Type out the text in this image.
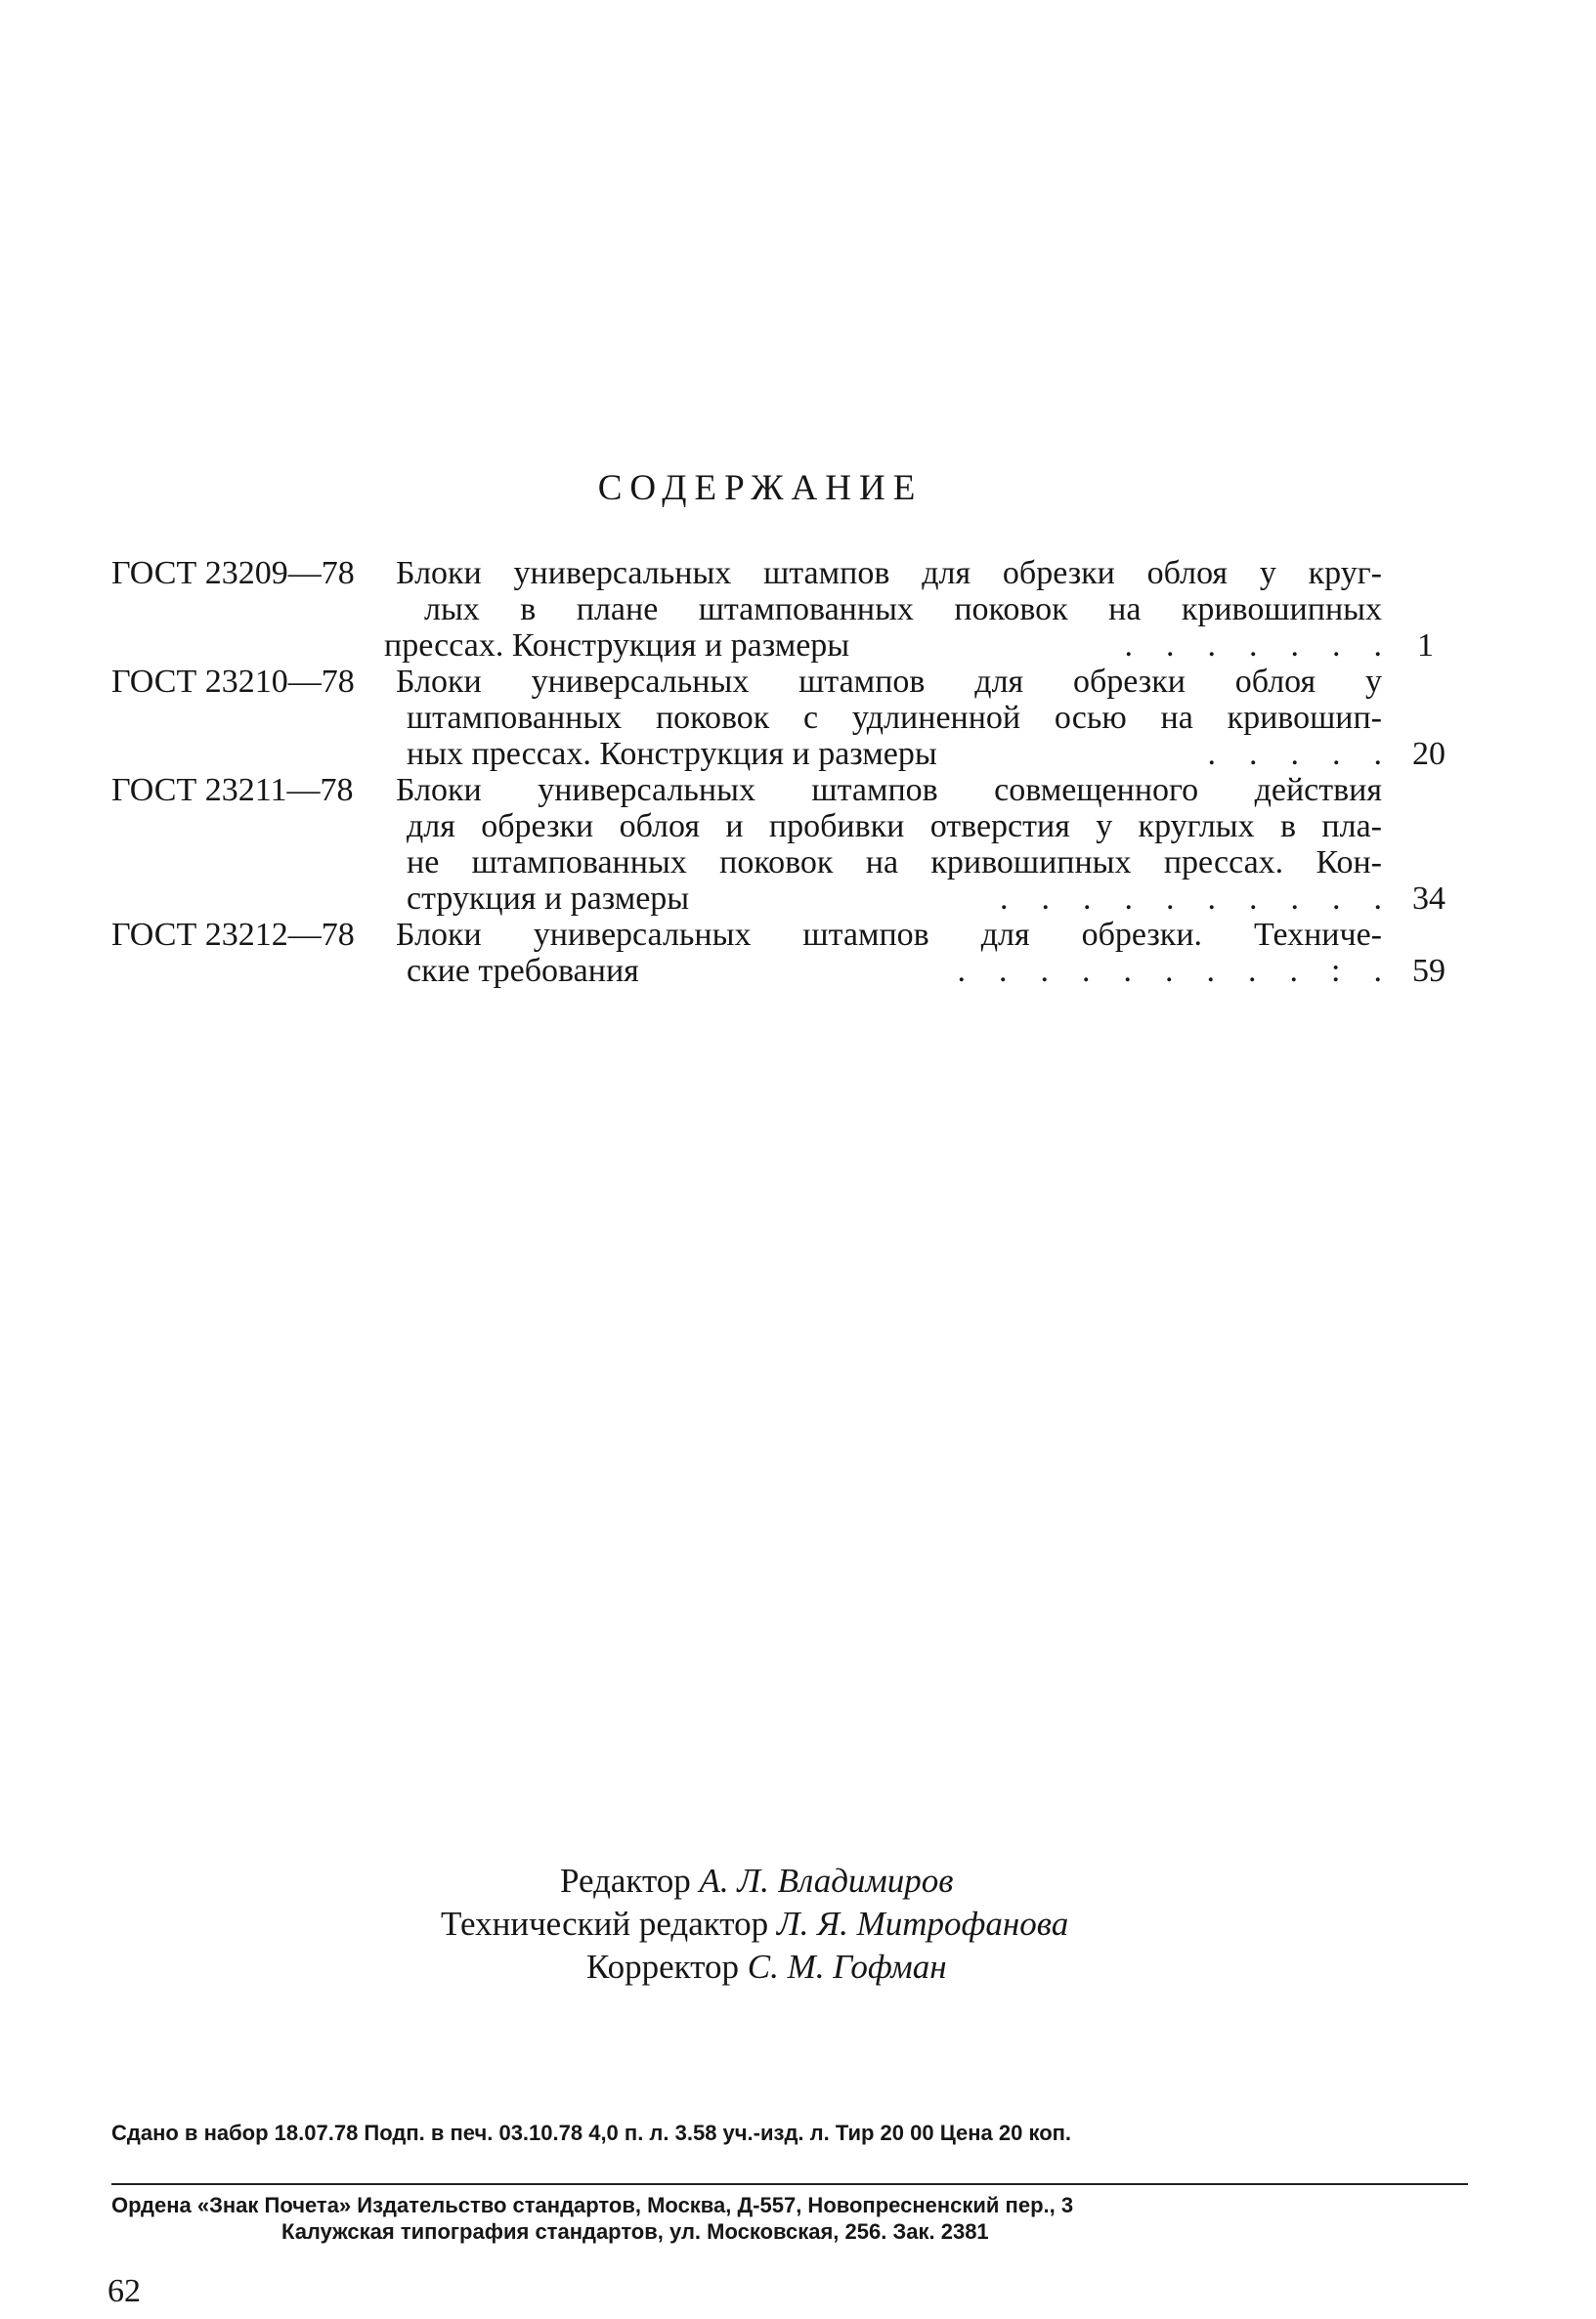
СОДЕРЖАНИЕ
ГОСТ 23209—78 Блоки универсальных штампов для обрезки облоя у круг-
лых в плане штампованных поковок на кривошипных
прессах. Конструкция и размеры	.    .    .    .    .    .    . 1
ГОСТ 23210—78 Блоки универсальных штампов для обрезки облоя у
штампованных поковок с удлиненной осью на кривошип-
ных прессах. Конструкция и размеры	.    .    .    .    . 20
ГОСТ 23211—78 Блоки универсальных штампов совмещенного действия
для обрезки облоя и пробивки отверстия у круглых в пла-
не штампованных поковок на кривошипных прессах. Кон-
струкция и размеры	.    .    .    .    .    .    .    .    .    . 34
ГОСТ 23212—78 Блоки универсальных штампов для обрезки. Техниче-
ские требования	.    .    .    .    .    .    .    .    .    :    . 59
Редактор А. Л. Владимиров
Технический редактор Л. Я. Митрофанова
Корректор С. М. Гофман
Сдано в набор 18.07.78 Подп. в печ. 03.10.78 4,0 п. л. 3.58 уч.-изд. л. Тир 20 00 Цена 20 коп.
Ордена «Знак Почета» Издательство стандартов, Москва, Д-557, Новопресненский пер., 3
Калужская типография стандартов, ул. Московская, 256. Зак. 2381
62
